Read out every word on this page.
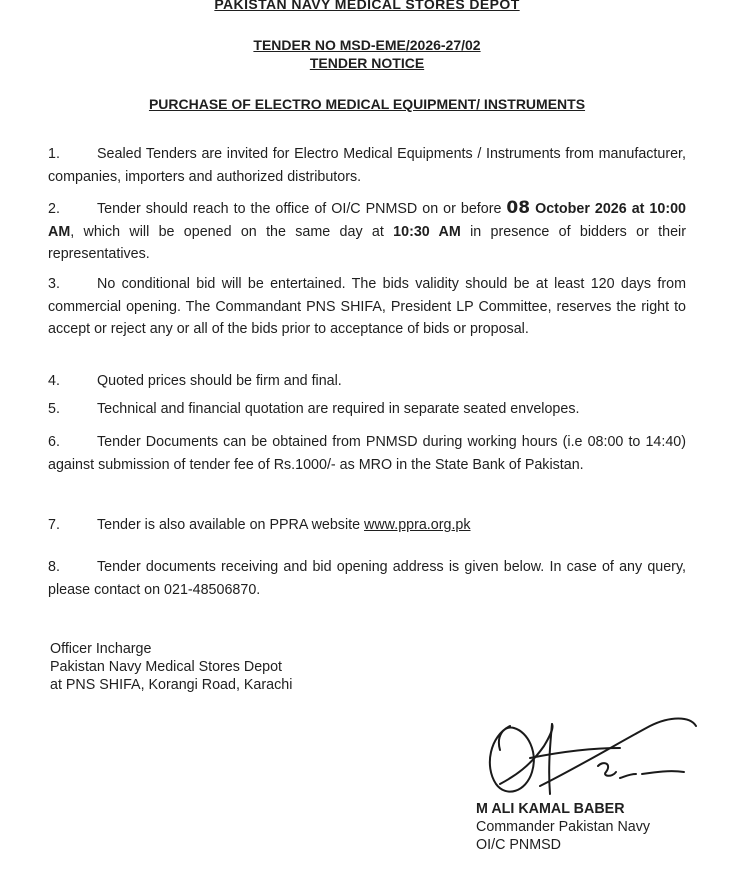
PAKISTAN NAVY MEDICAL STORES DEPOT
TENDER NO MSD-EME/2026-27/02
TENDER NOTICE
PURCHASE OF ELECTRO MEDICAL EQUIPMENT/ INSTRUMENTS
1.	Sealed Tenders are invited for Electro Medical Equipments / Instruments from manufacturer, companies, importers and authorized distributors.
2.	Tender should reach to the office of OI/C PNMSD on or before 08 October 2026 at 10:00 AM, which will be opened on the same day at 10:30 AM in presence of bidders or their representatives.
3.	No conditional bid will be entertained. The bids validity should be at least 120 days from commercial opening. The Commandant PNS SHIFA, President LP Committee, reserves the right to accept or reject any or all of the bids prior to acceptance of bids or proposal.
4.	Quoted prices should be firm and final.
5.	Technical and financial quotation are required in separate seated envelopes.
6.	Tender Documents can be obtained from PNMSD during working hours (i.e 08:00 to 14:40) against submission of tender fee of Rs.1000/- as MRO in the State Bank of Pakistan.
7.	Tender is also available on PPRA website www.ppra.org.pk
8.	Tender documents receiving and bid opening address is given below. In case of any query, please contact on 021-48506870.
Officer Incharge
Pakistan Navy Medical Stores Depot
at PNS SHIFA, Korangi Road, Karachi
M ALI KAMAL BABER
Commander Pakistan Navy
OI/C PNMSD
